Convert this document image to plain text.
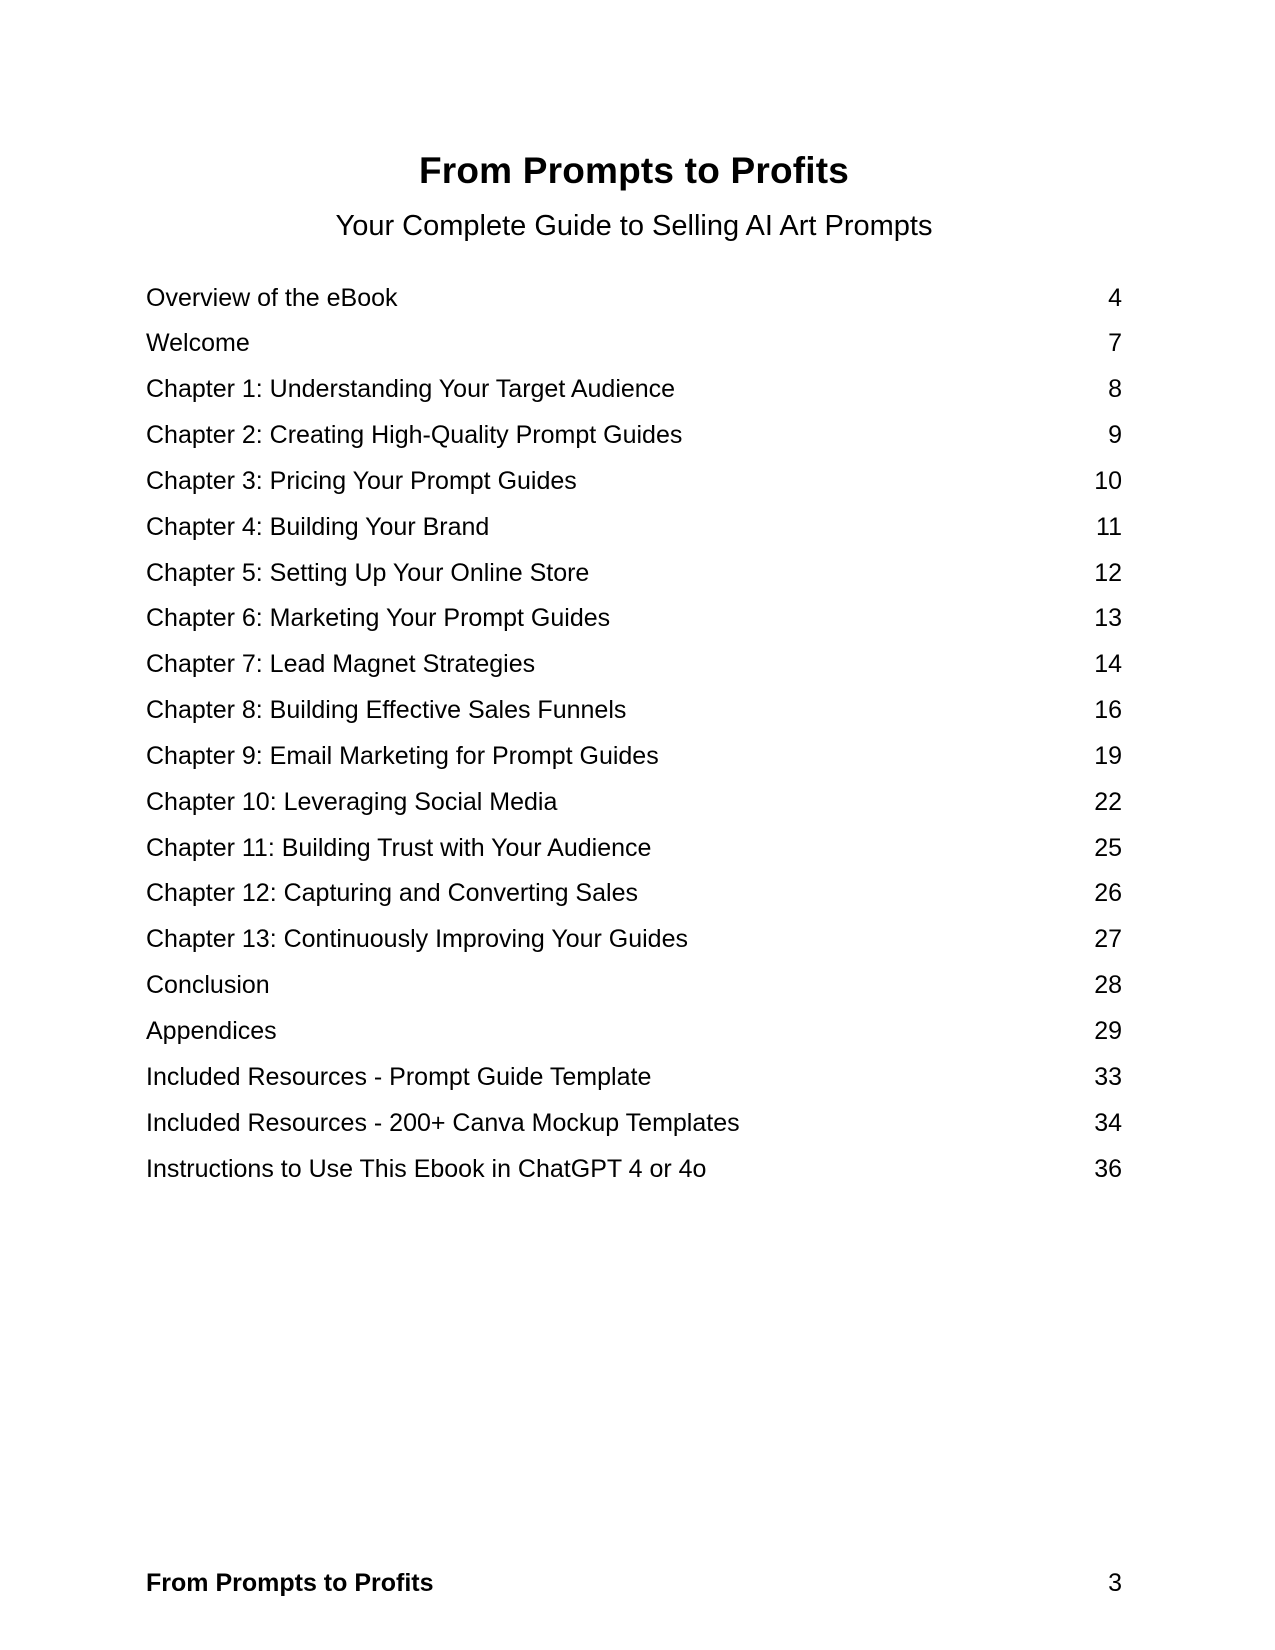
From Prompts to Profits
Your Complete Guide to Selling AI Art Prompts
Overview of the eBook	4
Welcome	7
Chapter 1: Understanding Your Target Audience	8
Chapter 2: Creating High-Quality Prompt Guides	9
Chapter 3: Pricing Your Prompt Guides	10
Chapter 4: Building Your Brand	11
Chapter 5: Setting Up Your Online Store	12
Chapter 6: Marketing Your Prompt Guides	13
Chapter 7: Lead Magnet Strategies	14
Chapter 8: Building Effective Sales Funnels	16
Chapter 9: Email Marketing for Prompt Guides	19
Chapter 10: Leveraging Social Media	22
Chapter 11: Building Trust with Your Audience	25
Chapter 12: Capturing and Converting Sales	26
Chapter 13: Continuously Improving Your Guides	27
Conclusion	28
Appendices	29
Included Resources - Prompt Guide Template	33
Included Resources - 200+ Canva Mockup Templates	34
Instructions to Use This Ebook in ChatGPT 4 or 4o	36
From Prompts to Profits	3
